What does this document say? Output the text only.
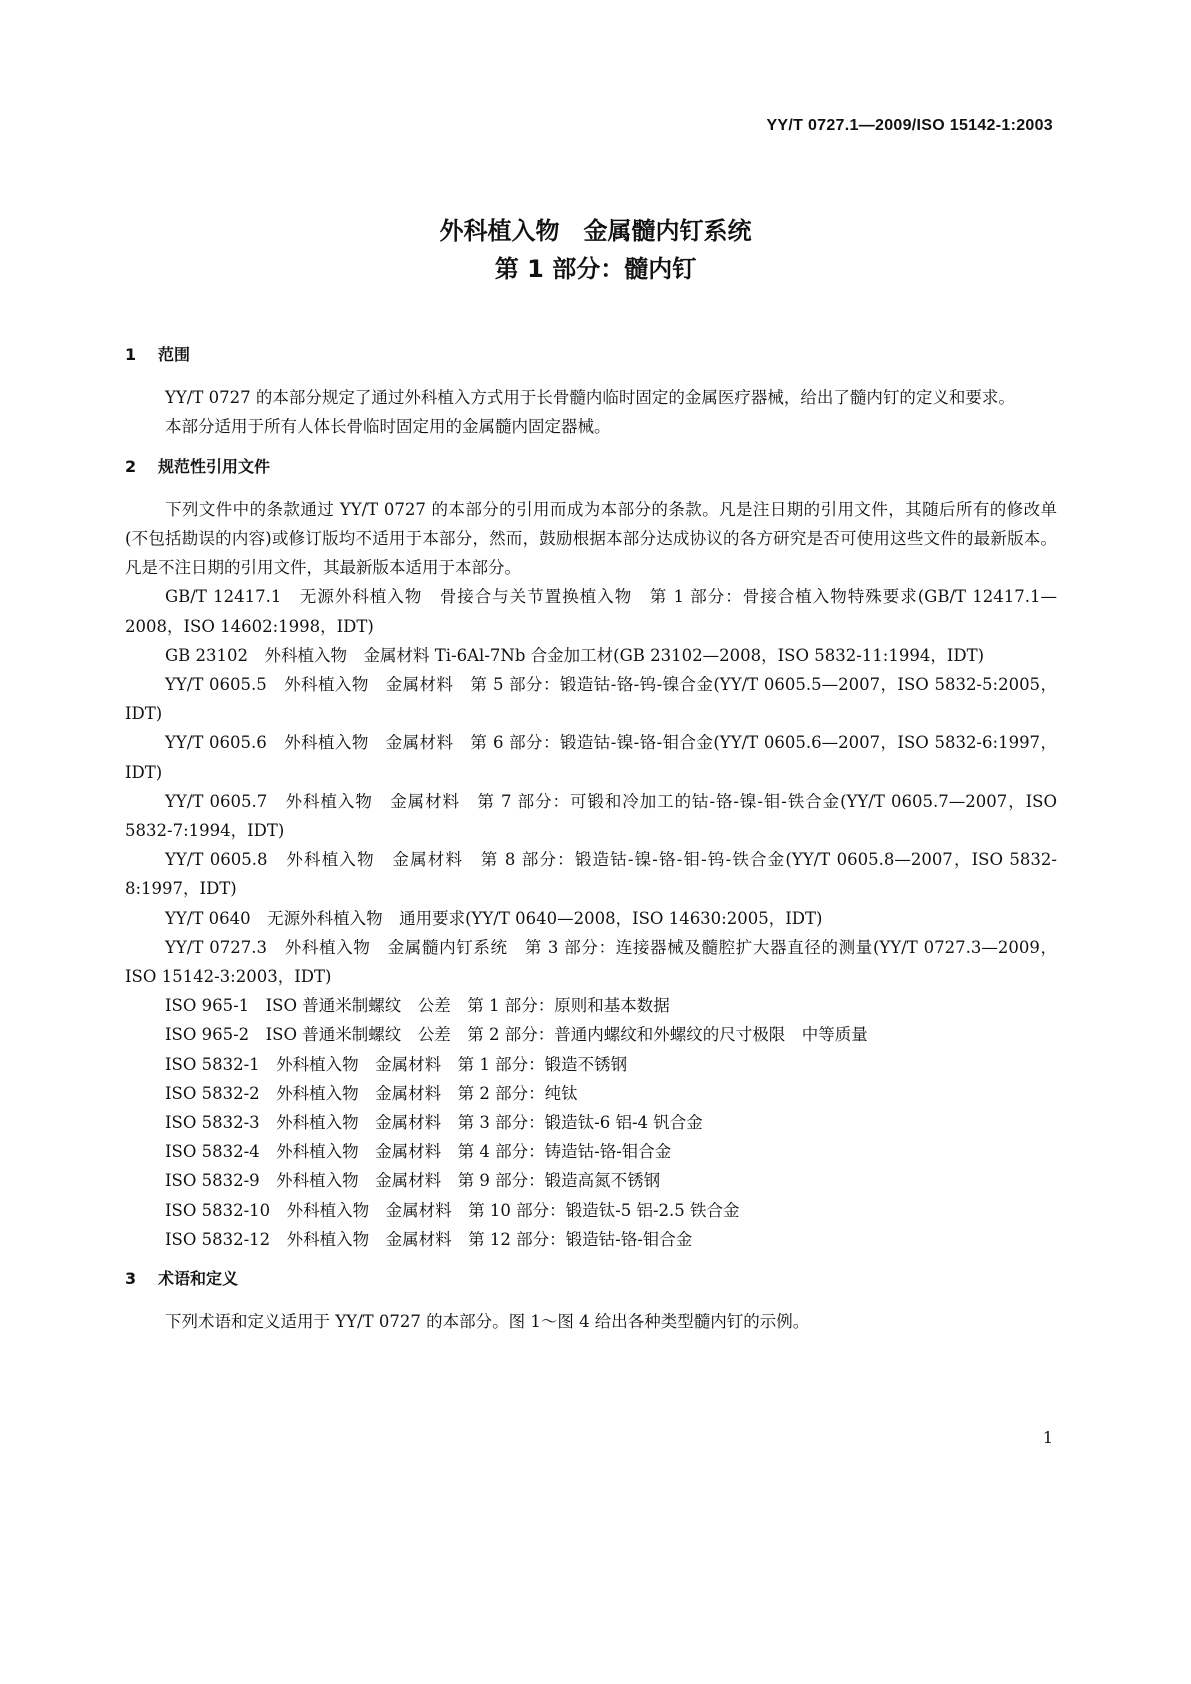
YY/T 0727.1—2009/ISO 15142-1:2003
外科植入物　金属髓内钉系统
第 1 部分：髓内钉
1 范围

YY/T 0727 的本部分规定了通过外科植入方式用于长骨髓内临时固定的金属医疗器械，给出了髓内钉的定义和要求。

本部分适用于所有人体长骨临时固定用的金属髓内固定器械。

2 规范性引用文件

下列文件中的条款通过 YY/T 0727 的本部分的引用而成为本部分的条款。凡是注日期的引用文件，其随后所有的修改单(不包括勘误的内容)或修订版均不适用于本部分，然而，鼓励根据本部分达成协议的各方研究是否可使用这些文件的最新版本。凡是不注日期的引用文件，其最新版本适用于本部分。

GB/T 12417.1　无源外科植入物　骨接合与关节置换植入物　第 1 部分：骨接合植入物特殊要求(GB/T 12417.1—2008，ISO 14602:1998，IDT)

GB 23102　外科植入物　金属材料 Ti-6Al-7Nb 合金加工材(GB 23102—2008，ISO 5832-11:1994，IDT)

YY/T 0605.5　外科植入物　金属材料　第 5 部分：锻造钴-铬-钨-镍合金(YY/T 0605.5—2007，ISO 5832-5:2005，IDT)

YY/T 0605.6　外科植入物　金属材料　第 6 部分：锻造钴-镍-铬-钼合金(YY/T 0605.6—2007，ISO 5832-6:1997，IDT)

YY/T 0605.7　外科植入物　金属材料　第 7 部分：可锻和冷加工的钴-铬-镍-钼-铁合金(YY/T 0605.7—2007，ISO 5832-7:1994，IDT)

YY/T 0605.8　外科植入物　金属材料　第 8 部分：锻造钴-镍-铬-钼-钨-铁合金(YY/T 0605.8—2007，ISO 5832-8:1997，IDT)

YY/T 0640　无源外科植入物　通用要求(YY/T 0640—2008，ISO 14630:2005，IDT)

YY/T 0727.3　外科植入物　金属髓内钉系统　第 3 部分：连接器械及髓腔扩大器直径的测量(YY/T 0727.3—2009，ISO 15142-3:2003，IDT)

ISO 965-1　ISO 普通米制螺纹　公差　第 1 部分：原则和基本数据

ISO 965-2　ISO 普通米制螺纹　公差　第 2 部分：普通内螺纹和外螺纹的尺寸极限　中等质量

ISO 5832-1　外科植入物　金属材料　第 1 部分：锻造不锈钢

ISO 5832-2　外科植入物　金属材料　第 2 部分：纯钛

ISO 5832-3　外科植入物　金属材料　第 3 部分：锻造钛-6 铝-4 钒合金

ISO 5832-4　外科植入物　金属材料　第 4 部分：铸造钴-铬-钼合金

ISO 5832-9　外科植入物　金属材料　第 9 部分：锻造高氮不锈钢

ISO 5832-10　外科植入物　金属材料　第 10 部分：锻造钛-5 铝-2.5 铁合金

ISO 5832-12　外科植入物　金属材料　第 12 部分：锻造钴-铬-钼合金

3 术语和定义

下列术语和定义适用于 YY/T 0727 的本部分。图 1～图 4 给出各种类型髓内钉的示例。

1
